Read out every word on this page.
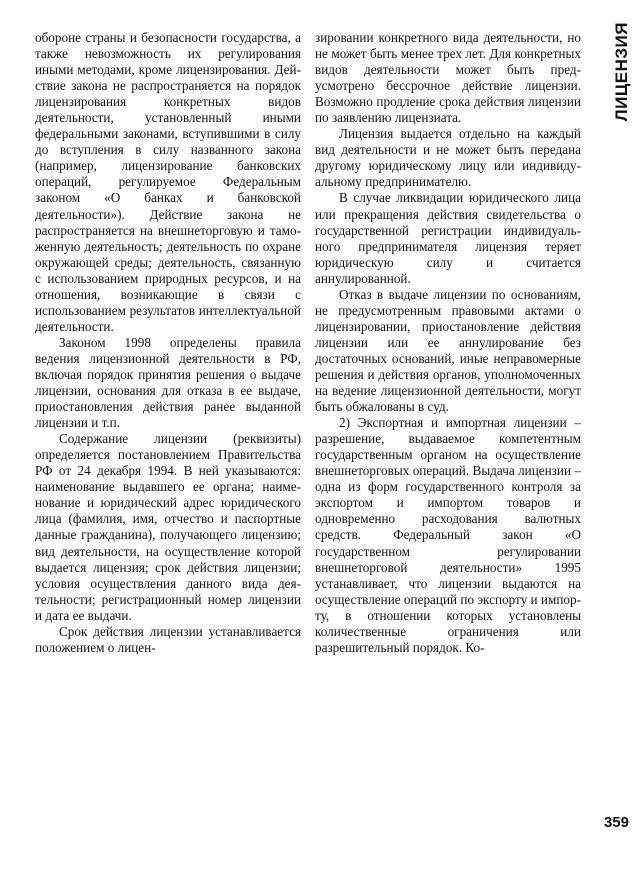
ЛИЦЕНЗИЯ

обороне страны и безопасности государства, а также невозможность их регулирования иными методами, кроме лицензирования. Действие закона не распространяется на порядок лицензирования конкретных видов деятельности, установленный иными федеральными законами, вступившими в силу до вступления в силу названного закона (например, лицензирование банковских операций, регулируемое Федеральным законом «О банках и банковской деятельности»). Действие закона не распространяется на внешнеторговую и таможенную деятельность; деятельность по охране окружающей среды; деятельность, связанную с использованием природных ресурсов, и на отношения, возникающие в связи с использованием результатов интеллектуальной деятельности.

Законом 1998 определены правила ведения лицензионной деятельности в РФ, включая порядок принятия решения о выдаче лицензии, основания для отказа в ее выдаче, приостановления действия ранее выданной лицензии и т.п.

Содержание лицензии (реквизиты) определяется постановлением Правительства РФ от 24 декабря 1994. В ней указываются: наименование выдавшего ее органа; наименование и юридический адрес юридического лица (фамилия, имя, отчество и паспортные данные гражданина), получающего лицензию; вид деятельности, на осуществление которой выдается лицензия; срок действия лицензии; условия осуществления данного вида деятельности; регистрационный номер лицензии и дата ее выдачи.

Срок действия лицензии устанавливается положением о лицен-

зировании конкретного вида деятельности, но не может быть менее трех лет. Для конкретных видов деятельности может быть предусмотрено бессрочное действие лицензии. Возможно продление срока действия лицензии по заявлению лицензиата.

Лицензия выдается отдельно на каждый вид деятельности и не может быть передана другому юридическому лицу или индивидуальному предпринимателю.

В случае ликвидации юридического лица или прекращения действия свидетельства о государственной регистрации индивидуального предпринимателя лицензия теряет юридическую силу и считается аннулированной.

Отказ в выдаче лицензии по основаниям, не предусмотренным правовыми актами о лицензировании, приостановление действия лицензии или ее аннулирование без достаточных оснований, иные неправомерные решения и действия органов, уполномоченных на ведение лицензионной деятельности, могут быть обжалованы в суд.

2) Экспортная и импортная лицензии – разрешение, выдаваемое компетентным государственным органом на осуществление внешнеторговых операций. Выдача лицензии – одна из форм государственного контроля за экспортом и импортом товаров и одновременно расходования валютных средств. Федеральный закон «О государственном регулировании внешнеторговой деятельности» 1995 устанавливает, что лицензии выдаются на осуществление операций по экспорту и импорту, в отношении которых установлены количественные ограничения или разрешительный порядок. Ко-

359
